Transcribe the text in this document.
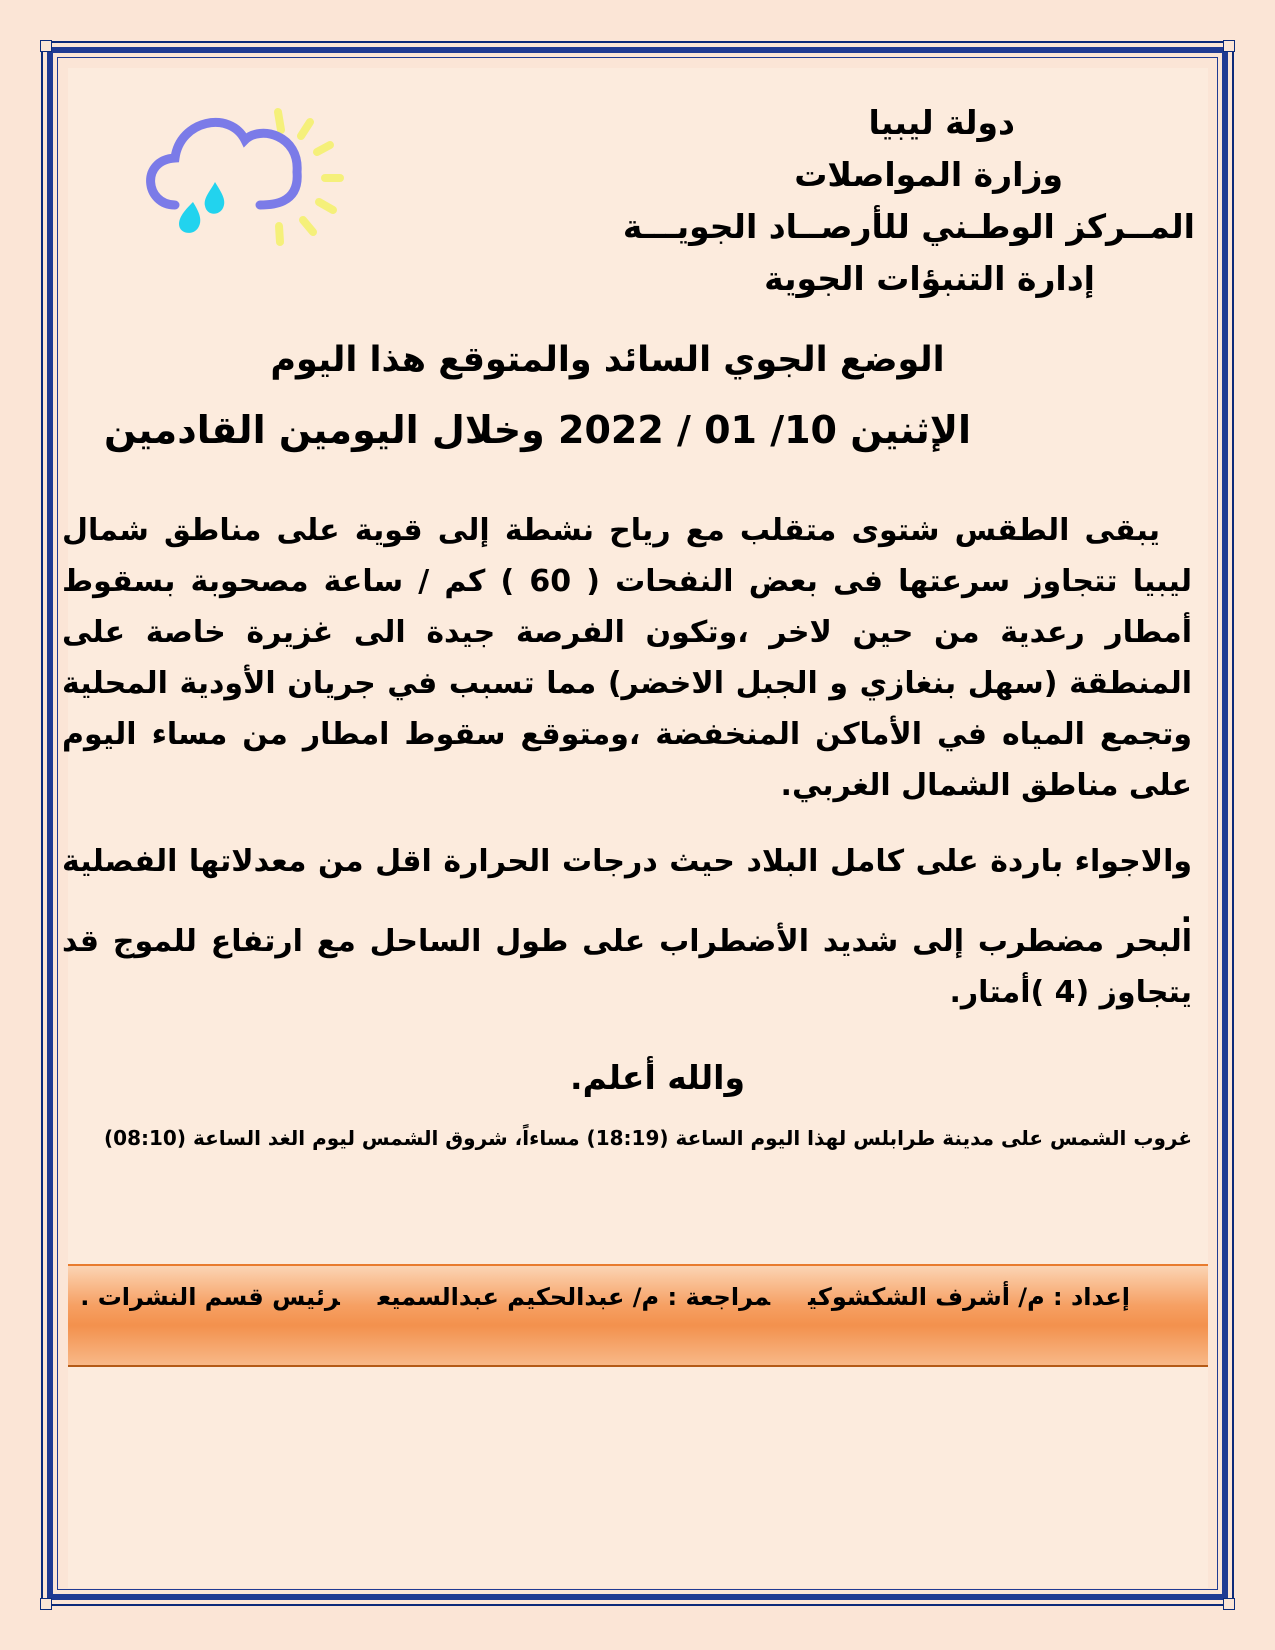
دولة ليبيا
وزارة المواصلات
المــركز الوطـني للأرصــاد الجويـــة
إدارة التنبؤات الجوية
الوضع الجوي السائد والمتوقع هذا اليوم
الإثنين 10/ 01 / 2022 وخلال اليومين القادمين
يبقى الطقس شتوى متقلب مع رياح نشطة إلى قوية على مناطق شمال ليبيا تتجاوز سرعتها فى بعض النفحات ( 60 ) كم / ساعة مصحوبة بسقوط أمطار رعدية من حين لاخر ،وتكون الفرصة جيدة الى غزيرة خاصة على المنطقة (سهل بنغازي و الجبل الاخضر) مما تسبب في جريان الأودية المحلية وتجمع المياه في الأماكن المنخفضة ،ومتوقع سقوط امطار من مساء اليوم على مناطق الشمال الغربي.
والاجواء باردة على كامل البلاد حيث درجات الحرارة اقل من معدلاتها الفصلية .
البحر مضطرب إلى شديد الأضطراب على طول الساحل مع ارتفاع للموج قد يتجاوز (4 )أمتار.
والله أعلم.
غروب الشمس على مدينة طرابلس لهذا اليوم الساعة (18:19) مساءاً، شروق الشمس ليوم الغد الساعة (08:10)
إعداد : م/ أشرف الشكشوكيمراجعة : م/ عبدالحكيم عبدالسميعرئيس قسم النشرات .
